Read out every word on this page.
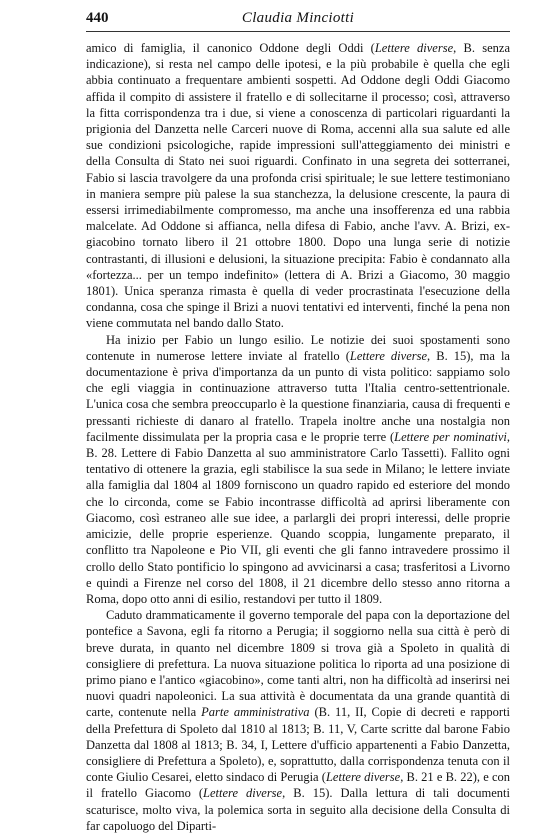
440	Claudia Minciotti

amico di famiglia, il canonico Oddone degli Oddi (Lettere diverse, B. senza indicazione), si resta nel campo delle ipotesi, e la più probabile è quella che egli abbia continuato a frequentare ambienti sospetti. Ad Oddone degli Oddi Giacomo affida il compito di assistere il fratello e di sollecitarne il processo; così, attraverso la fitta corrispondenza tra i due, si viene a conoscenza di particolari riguardanti la prigionia del Danzetta nelle Carceri nuove di Roma, accenni alla sua salute ed alle sue condizioni psicologiche, rapide impressioni sull'atteggiamento dei ministri e della Consulta di Stato nei suoi riguardi. Confinato in una segreta dei sotterranei, Fabio si lascia travolgere da una profonda crisi spirituale; le sue lettere testimoniano in maniera sempre più palese la sua stanchezza, la delusione crescente, la paura di essersi irrimediabilmente compromesso, ma anche una insofferenza ed una rabbia malcelate. Ad Oddone si affianca, nella difesa di Fabio, anche l'avv. A. Brizi, ex-giacobino tornato libero il 21 ottobre 1800. Dopo una lunga serie di notizie contrastanti, di illusioni e delusioni, la situazione precipita: Fabio è condannato alla «fortezza... per un tempo indefinito» (lettera di A. Brizi a Giacomo, 30 maggio 1801). Unica speranza rimasta è quella di veder procrastinata l'esecuzione della condanna, cosa che spinge il Brizi a nuovi tentativi ed interventi, finché la pena non viene commutata nel bando dallo Stato.

Ha inizio per Fabio un lungo esilio. Le notizie dei suoi spostamenti sono contenute in numerose lettere inviate al fratello (Lettere diverse, B. 15), ma la documentazione è priva d'importanza da un punto di vista politico: sappiamo solo che egli viaggia in continuazione attraverso tutta l'Italia centro-settentrionale. L'unica cosa che sembra preoccuparlo è la questione finanziaria, causa di frequenti e pressanti richieste di danaro al fratello. Trapela inoltre anche una nostalgia non facilmente dissimulata per la propria casa e le proprie terre (Lettere per nominativi, B. 28. Lettere di Fabio Danzetta al suo amministratore Carlo Tassetti). Fallito ogni tentativo di ottenere la grazia, egli stabilisce la sua sede in Milano; le lettere inviate alla famiglia dal 1804 al 1809 forniscono un quadro rapido ed esteriore del mondo che lo circonda, come se Fabio incontrasse difficoltà ad aprirsi liberamente con Giacomo, così estraneo alle sue idee, a parlargli dei propri interessi, delle proprie amicizie, delle proprie esperienze. Quando scoppia, lungamente preparato, il conflitto tra Napoleone e Pio VII, gli eventi che gli fanno intravedere prossimo il crollo dello Stato pontificio lo spingono ad avvicinarsi a casa; trasferitosi a Livorno e quindi a Firenze nel corso del 1808, il 21 dicembre dello stesso anno ritorna a Roma, dopo otto anni di esilio, restandovi per tutto il 1809.

Caduto drammaticamente il governo temporale del papa con la deportazione del pontefice a Savona, egli fa ritorno a Perugia; il soggiorno nella sua città è però di breve durata, in quanto nel dicembre 1809 si trova già a Spoleto in qualità di consigliere di prefettura. La nuova situazione politica lo riporta ad una posizione di primo piano e l'antico «giacobino», come tanti altri, non ha difficoltà ad inserirsi nei nuovi quadri napoleonici. La sua attività è documentata da una grande quantità di carte, contenute nella Parte amministrativa (B. 11, II, Copie di decreti e rapporti della Prefettura di Spoleto dal 1810 al 1813; B. 11, V, Carte scritte dal barone Fabio Danzetta dal 1808 al 1813; B. 34, I, Lettere d'ufficio appartenenti a Fabio Danzetta, consigliere di Prefettura a Spoleto), e, soprattutto, dalla corrispondenza tenuta con il conte Giulio Cesarei, eletto sindaco di Perugia (Lettere diverse, B. 21 e B. 22), e con il fratello Giacomo (Lettere diverse, B. 15). Dalla lettura di tali documenti scaturisce, molto viva, la polemica sorta in seguito alla decisione della Consulta di far capoluogo del Diparti-
